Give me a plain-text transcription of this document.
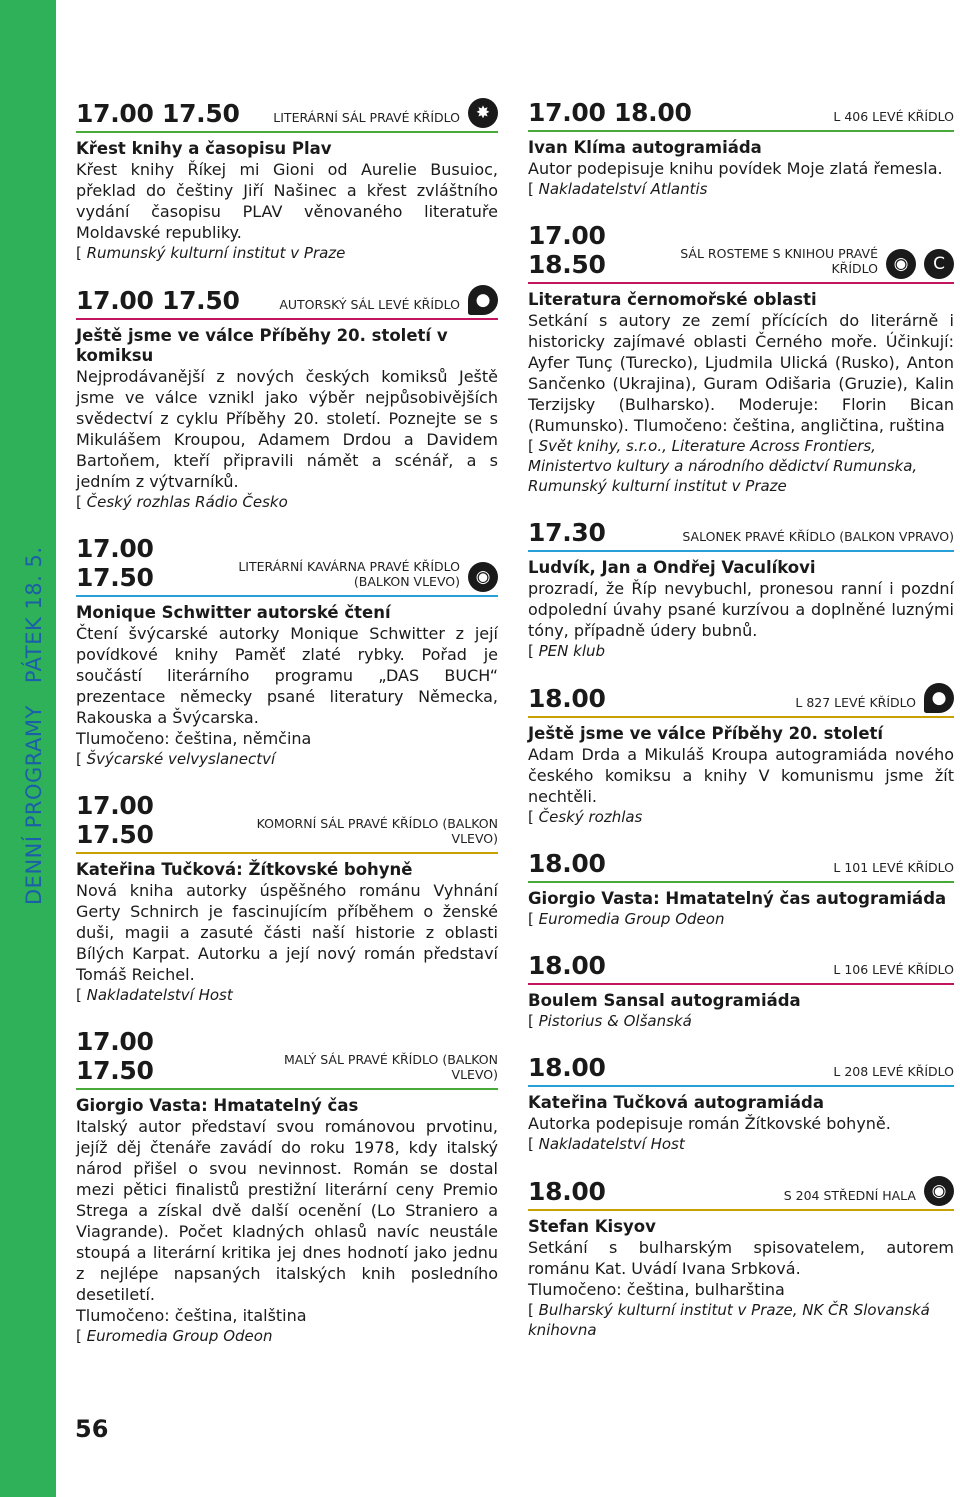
DENNÍ PROGRAMYPÁTEK 18. 5.
56
17.00 17.50	LITERÁRNÍ SÁL PRAVÉ KŘÍDLO ✸
Křest knihy a časopisu Plav
Křest knihy Říkej mi Gioni od Aurelie Busuioc, překlad do češtiny Jiří Našinec a křest zvláštního vydání časopisu PLAV věnovaného literatuře Moldavské republiky.
[ Rumunský kulturní institut v Praze
17.00 17.50	AUTORSKÝ SÁL LEVÉ KŘÍDLO ●
Ještě jsme ve válce Příběhy 20. století v komiksu
Nejprodávanější z nových českých komiksů Ještě jsme ve válce vznikl jako výběr nejpůsobivějších svědectví z cyklu Příběhy 20. století. Poznejte se s Mikulášem Kroupou, Adamem Drdou a Davidem Bartoňem, kteří připravili námět a scénář, a s jedním z výtvarníků.
[ Český rozhlas Rádio Česko
17.00 17.50	LITERÁRNÍ KAVÁRNA PRAVÉ KŘÍDLO (BALKON VLEVO) ◉
Monique Schwitter autorské čtení
Čtení švýcarské autorky Monique Schwitter z její povídkové knihy Paměť zlaté rybky. Pořad je součástí literárního programu „DAS BUCH“ prezentace německy psané literatury Německa, Rakouska a Švýcarska.
Tlumočeno: čeština, němčina
[ Švýcarské velvyslanectví
17.00 17.50	KOMORNÍ SÁL PRAVÉ KŘÍDLO (BALKON VLEVO)
Kateřina Tučková: Žítkovské bohyně
Nová kniha autorky úspěšného románu Vyhnání Gerty Schnirch je fascinujícím příběhem o ženské duši, magii a zasuté části naší historie z oblasti Bílých Karpat. Autorku a její nový román představí Tomáš Reichel.
[ Nakladatelství Host
17.00 17.50	MALÝ SÁL PRAVÉ KŘÍDLO (BALKON VLEVO)
Giorgio Vasta: Hmatatelný čas
Italský autor představí svou románovou prvotinu, jejíž děj čtenáře zavádí do roku 1978, kdy italský národ přišel o svou nevinnost. Román se dostal mezi pětici finalistů prestižní literární ceny Premio Strega a získal dvě další ocenění (Lo Straniero a Viagrande). Počet kladných ohlasů navíc neustále stoupá a literární kritika jej dnes hodnotí jako jednu z nejlépe napsaných italských knih posledního desetiletí.
Tlumočeno: čeština, italština
[ Euromedia Group Odeon
17.00 18.00	L 406 LEVÉ KŘÍDLO
Ivan Klíma autogramiáda
Autor podepisuje knihu povídek Moje zlatá řemesla.
[ Nakladatelství Atlantis
17.00 18.50	SÁL ROSTEME S KNIHOU PRAVÉ KŘÍDLO ◉	C
Literatura černomořské oblasti
Setkání s autory ze zemí přícících do literárně i historicky zajímavé oblasti Černého moře. Účinkují: Ayfer Tunç (Turecko), Ljudmila Ulická (Rusko), Anton Sančenko (Ukrajina), Guram Odišaria (Gruzie), Kalin Terzijsky (Bulharsko). Moderuje: Florin Bican (Rumunsko). Tlumočeno: čeština, angličtina, ruština
[ Svět knihy, s.r.o., Literature Across Frontiers, Ministertvo kultury a národního dědictví Rumunska, Rumunský kulturní institut v Praze
17.30	SALONEK PRAVÉ KŘÍDLO (BALKON VPRAVO)
Ludvík, Jan a Ondřej Vaculíkovi
prozradí, že Říp nevybuchl, pronesou ranní i pozdní odpolední úvahy psané kurzívou a doplněné luznými tóny, případně údery bubnů.
[ PEN klub
18.00	L 827 LEVÉ KŘÍDLO ●
Ještě jsme ve válce Příběhy 20. století
Adam Drda a Mikuláš Kroupa autogramiáda nového českého komiksu a knihy V komunismu jsme žít nechtěli.
[ Český rozhlas
18.00	L 101 LEVÉ KŘÍDLO
Giorgio Vasta: Hmatatelný čas autogramiáda
[ Euromedia Group Odeon
18.00	L 106 LEVÉ KŘÍDLO
Boulem Sansal autogramiáda
[ Pistorius & Olšanská
18.00	L 208 LEVÉ KŘÍDLO
Kateřina Tučková autogramiáda
Autorka podepisuje román Žítkovské bohyně.
[ Nakladatelství Host
18.00	S 204 STŘEDNÍ HALA ◉
Stefan Kisyov
Setkání s bulharským spisovatelem, autorem románu Kat. Uvádí Ivana Srbková.
Tlumočeno: čeština, bulharština
[ Bulharský kulturní institut v Praze, NK ČR Slovanská knihovna
